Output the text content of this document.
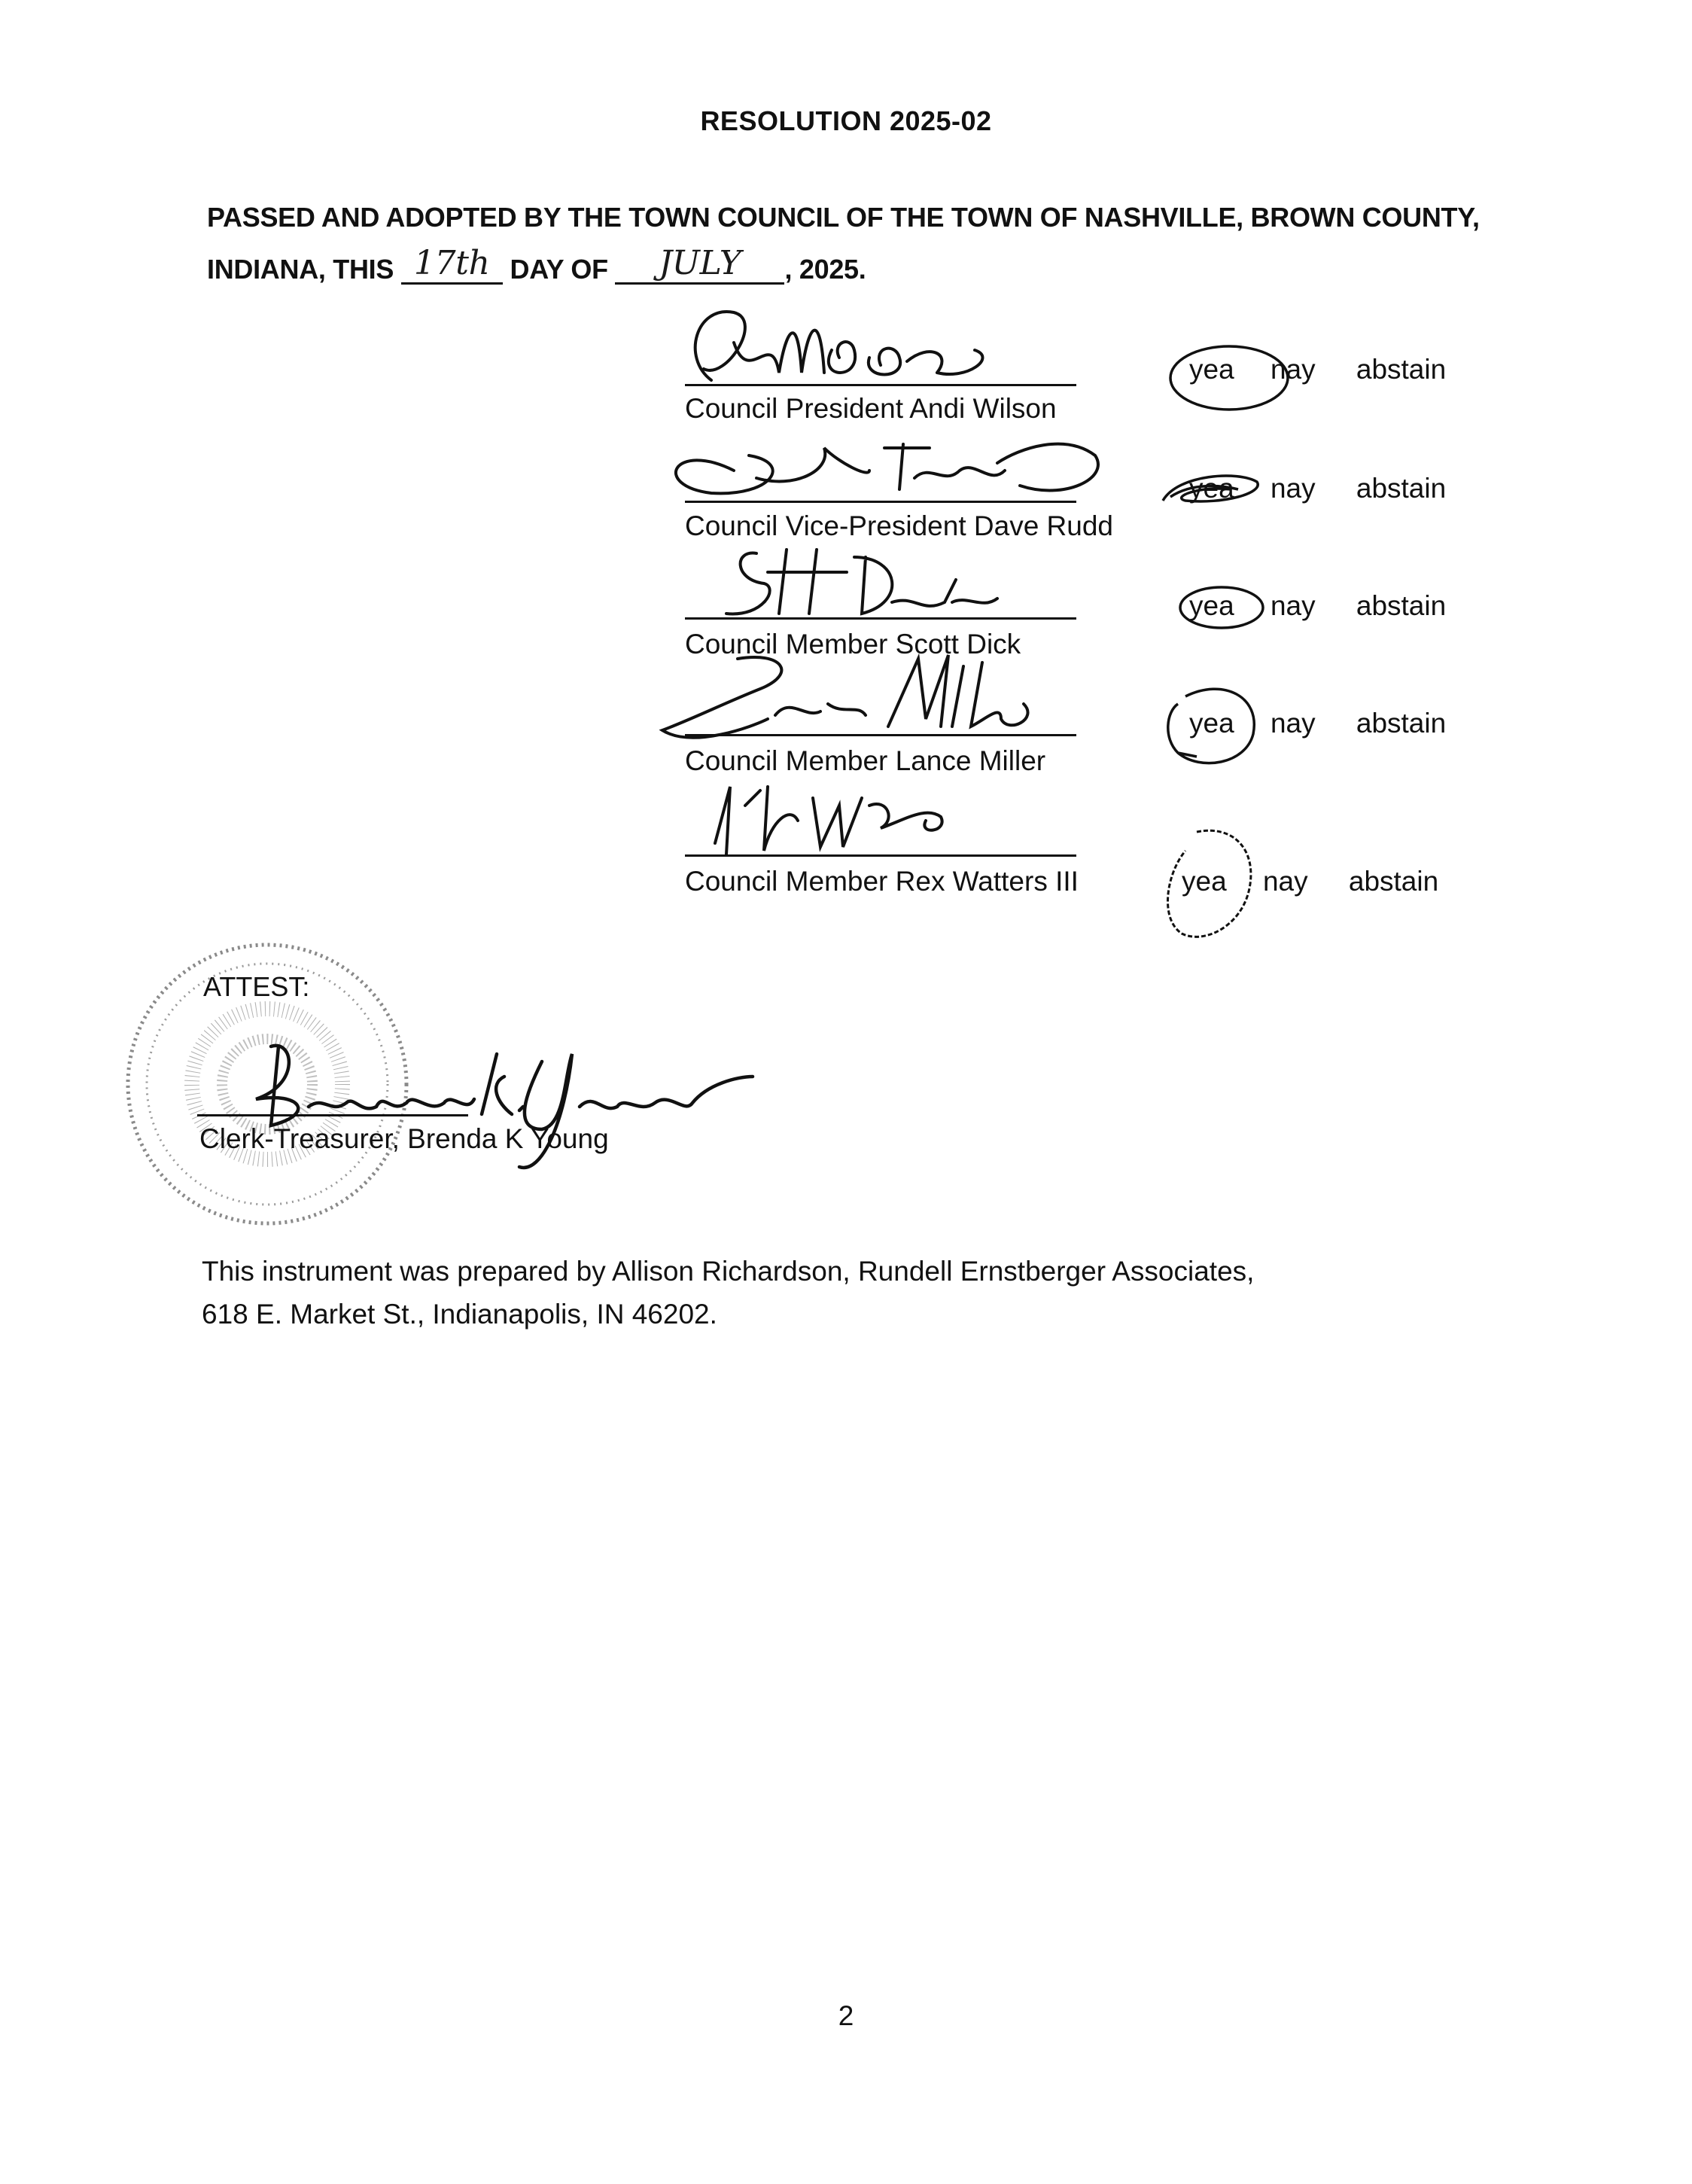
RESOLUTION 2025-02
PASSED AND ADOPTED BY THE TOWN COUNCIL OF THE TOWN OF NASHVILLE, BROWN COUNTY,
INDIANA, THIS 17th DAY OF JULY , 2025.
Council President Andi Wilson
yea nay abstain
Council Vice-President Dave Rudd
yea nay abstain
Council Member Scott Dick
yea nay abstain
Council Member Lance Miller
yea nay abstain
Council Member Rex Watters III	yea nay abstain
ATTEST:
Clerk-Treasurer, Brenda K Young
This instrument was prepared by Allison Richardson, Rundell Ernstberger Associates,
618 E. Market St., Indianapolis, IN 46202.
2
